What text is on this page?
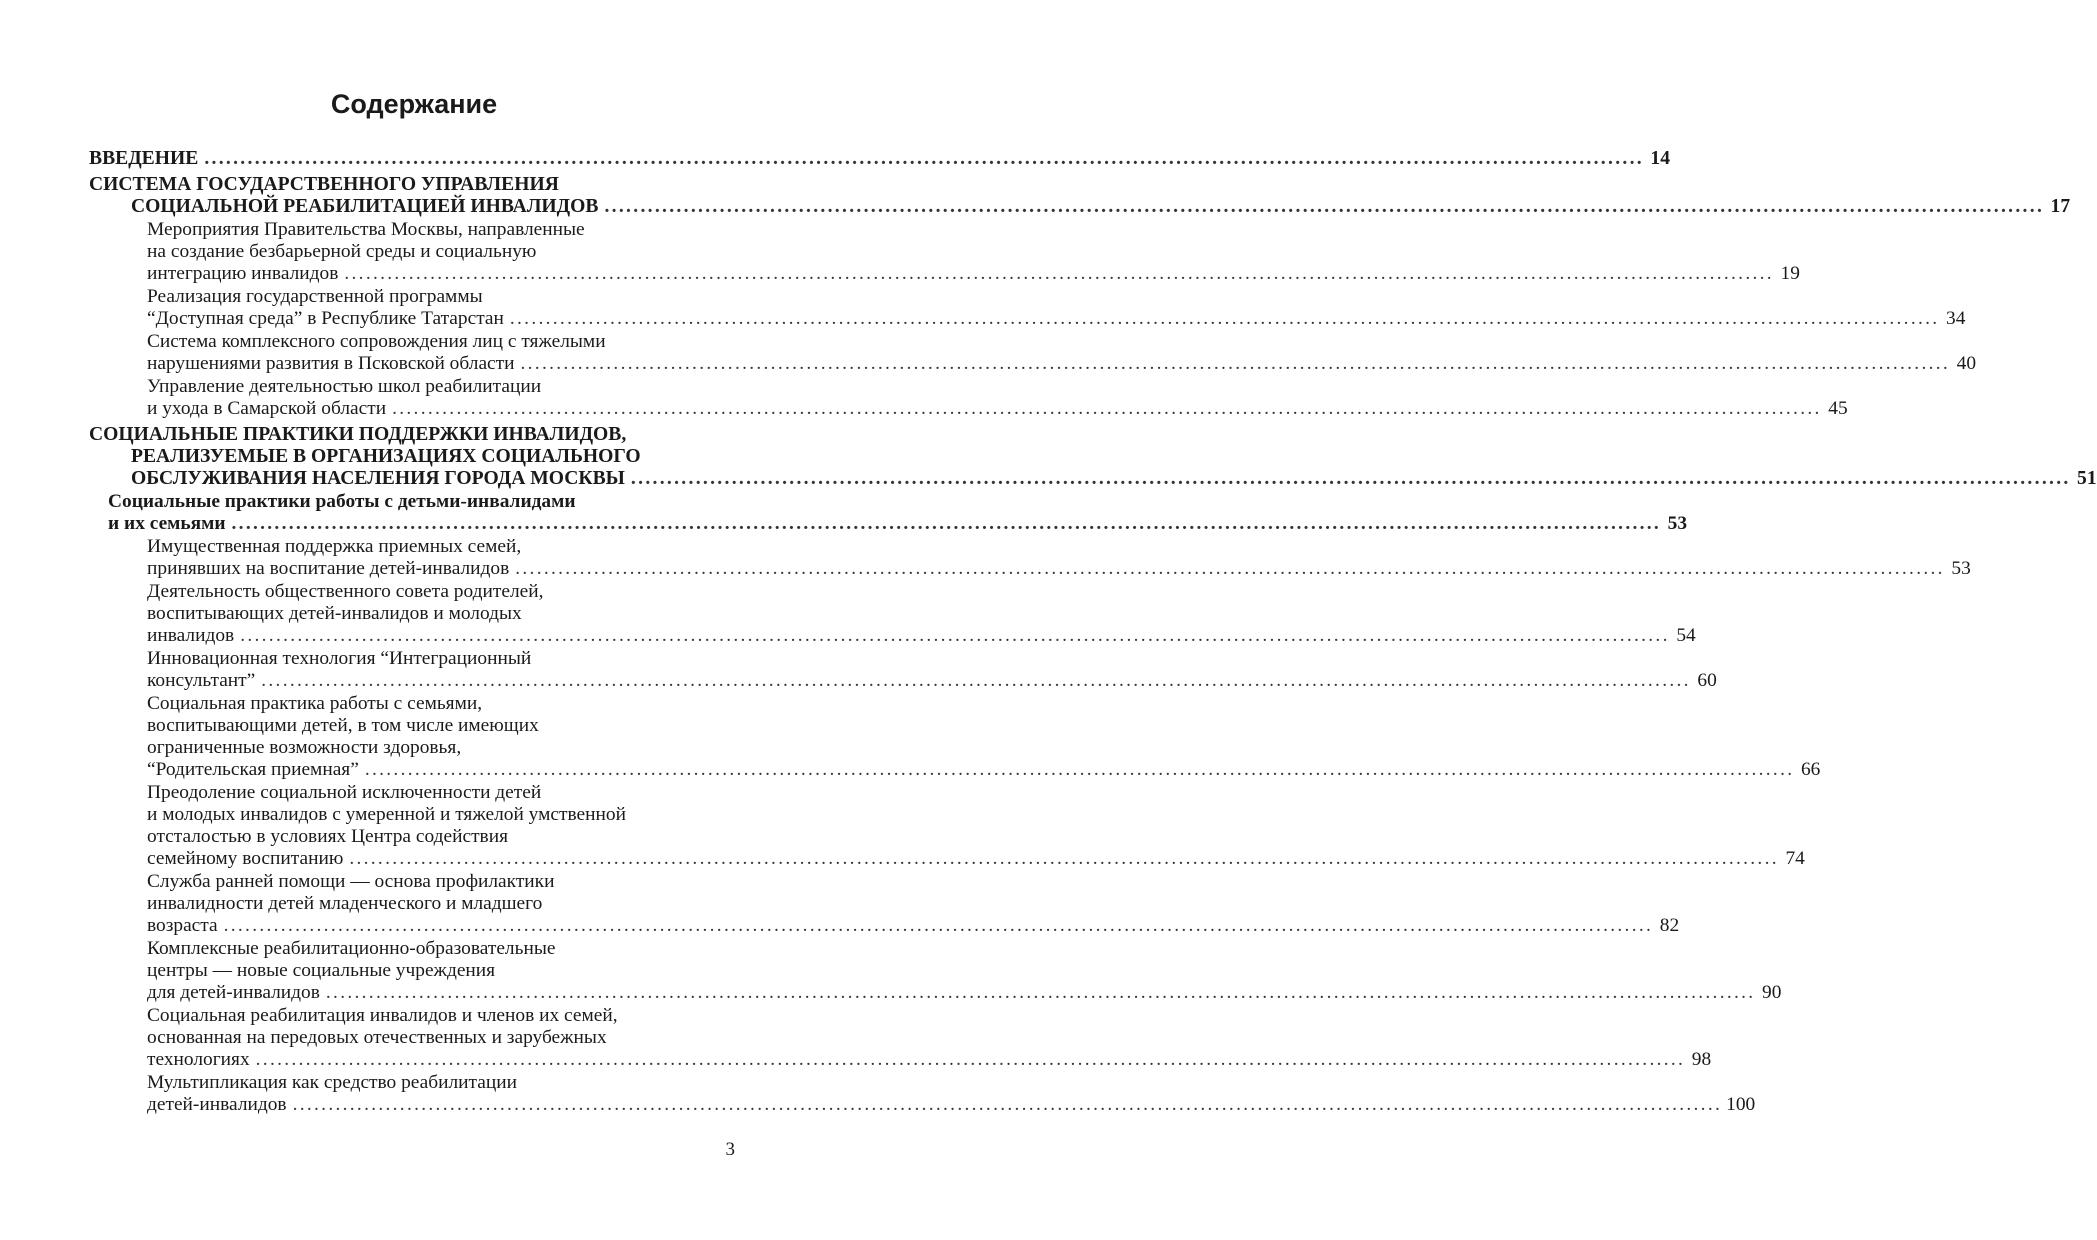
Содержание
ВВЕДЕНИЕ ........................................................................................................................................................................................................ 14
СИСТЕМА ГОСУДАРСТВЕННОГО УПРАВЛЕНИЯ
СОЦИАЛЬНОЙ РЕАБИЛИТАЦИЕЙ ИНВАЛИДОВ ........................................................................................................................................................................................................ 17
Мероприятия Правительства Москвы, направленные
на создание безбарьерной среды и социальную
интеграцию инвалидов ........................................................................................................................................................................................................ 19
Реализация государственной программы
“Доступная среда” в Республике Татарстан ........................................................................................................................................................................................................ 34
Система комплексного сопровождения лиц с тяжелыми
нарушениями развития в Псковской области ........................................................................................................................................................................................................ 40
Управление деятельностью школ реабилитации
и ухода в Самарской области ........................................................................................................................................................................................................ 45
СОЦИАЛЬНЫЕ ПРАКТИКИ ПОДДЕРЖКИ ИНВАЛИДОВ,
РЕАЛИЗУЕМЫЕ В ОРГАНИЗАЦИЯХ СОЦИАЛЬНОГО
ОБСЛУЖИВАНИЯ НАСЕЛЕНИЯ ГОРОДА МОСКВЫ ........................................................................................................................................................................................................ 51
Социальные практики работы с детьми-инвалидами
и их семьями ........................................................................................................................................................................................................ 53
Имущественная поддержка приемных семей,
принявших на воспитание детей-инвалидов ........................................................................................................................................................................................................ 53
Деятельность общественного совета родителей,
воспитывающих детей-инвалидов и молодых
инвалидов ........................................................................................................................................................................................................ 54
Инновационная технология “Интеграционный
консультант” ........................................................................................................................................................................................................ 60
Социальная практика работы с семьями,
воспитывающими детей, в том числе имеющих
ограниченные возможности здоровья,
“Родительская приемная” ........................................................................................................................................................................................................ 66
Преодоление социальной исключенности детей
и молодых инвалидов с умеренной и тяжелой умственной
отсталостью в условиях Центра содействия
семейному воспитанию ........................................................................................................................................................................................................ 74
Служба ранней помощи — основа профилактики
инвалидности детей младенческого и младшего
возраста ........................................................................................................................................................................................................ 82
Комплексные реабилитационно-образовательные
центры — новые социальные учреждения
для детей-инвалидов ........................................................................................................................................................................................................ 90
Социальная реабилитация инвалидов и членов их семей,
основанная на передовых отечественных и зарубежных
технологиях ........................................................................................................................................................................................................ 98
Мультипликация как средство реабилитации
детей-инвалидов ........................................................................................................................................................................................................ 100
3
